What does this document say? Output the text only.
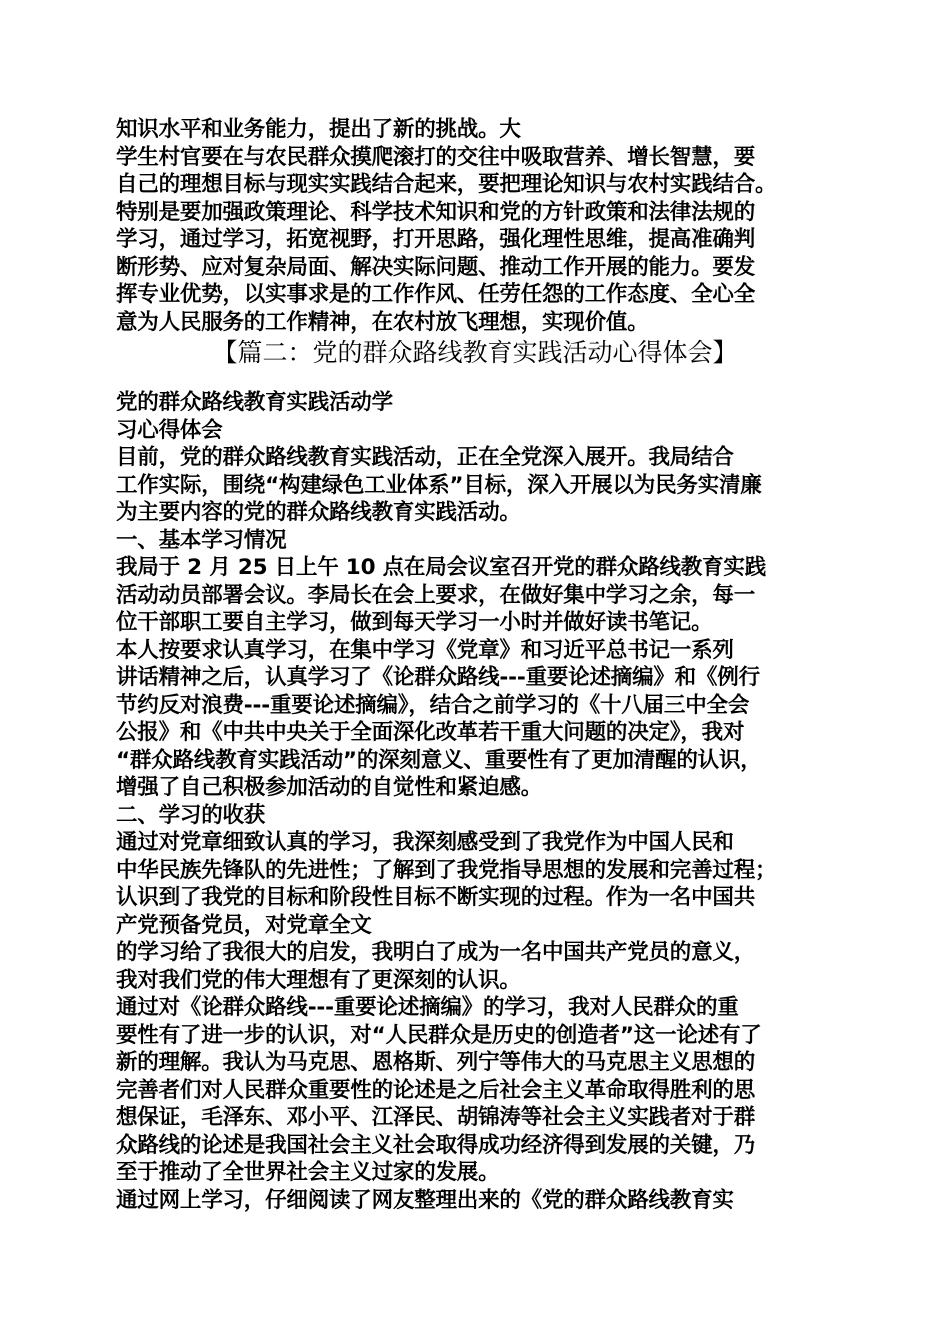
知识水平和业务能力，提出了新的挑战。大
学生村官要在与农民群众摸爬滚打的交往中吸取营养、增长智慧，要
自己的理想目标与现实实践结合起来，要把理论知识与农村实践结合。
特别是要加强政策理论、科学技术知识和党的方针政策和法律法规的
学习，通过学习，拓宽视野，打开思路，强化理性思维，提高准确判
断形势、应对复杂局面、解决实际问题、推动工作开展的能力。要发
挥专业优势，以实事求是的工作作风、任劳任怨的工作态度、全心全
意为人民服务的工作精神，在农村放飞理想，实现价值。
【篇二：党的群众路线教育实践活动心得体会】
党的群众路线教育实践活动学
习心得体会
目前，党的群众路线教育实践活动，正在全党深入展开。我局结合
工作实际，围绕“构建绿色工业体系”目标，深入开展以为民务实清廉
为主要内容的党的群众路线教育实践活动。
一、基本学习情况
我局于 2 月 25 日上午 10 点在局会议室召开党的群众路线教育实践
活动动员部署会议。李局长在会上要求，在做好集中学习之余，每一
位干部职工要自主学习，做到每天学习一小时并做好读书笔记。
本人按要求认真学习，在集中学习《党章》和习近平总书记一系列
讲话精神之后，认真学习了《论群众路线---重要论述摘编》和《例行
节约反对浪费---重要论述摘编》，结合之前学习的《十八届三中全会
公报》和《中共中央关于全面深化改革若干重大问题的决定》，我对
“群众路线教育实践活动”的深刻意义、重要性有了更加清醒的认识，
增强了自己积极参加活动的自觉性和紧迫感。
二、学习的收获
通过对党章细致认真的学习，我深刻感受到了我党作为中国人民和
中华民族先锋队的先进性；了解到了我党指导思想的发展和完善过程；
认识到了我党的目标和阶段性目标不断实现的过程。作为一名中国共
产党预备党员，对党章全文
的学习给了我很大的启发，我明白了成为一名中国共产党员的意义，
我对我们党的伟大理想有了更深刻的认识。
通过对《论群众路线---重要论述摘编》的学习，我对人民群众的重
要性有了进一步的认识，对“人民群众是历史的创造者”这一论述有了
新的理解。我认为马克思、恩格斯、列宁等伟大的马克思主义思想的
完善者们对人民群众重要性的论述是之后社会主义革命取得胜利的思
想保证，毛泽东、邓小平、江泽民、胡锦涛等社会主义实践者对于群
众路线的论述是我国社会主义社会取得成功经济得到发展的关键，乃
至于推动了全世界社会主义过家的发展。
通过网上学习，仔细阅读了网友整理出来的《党的群众路线教育实
